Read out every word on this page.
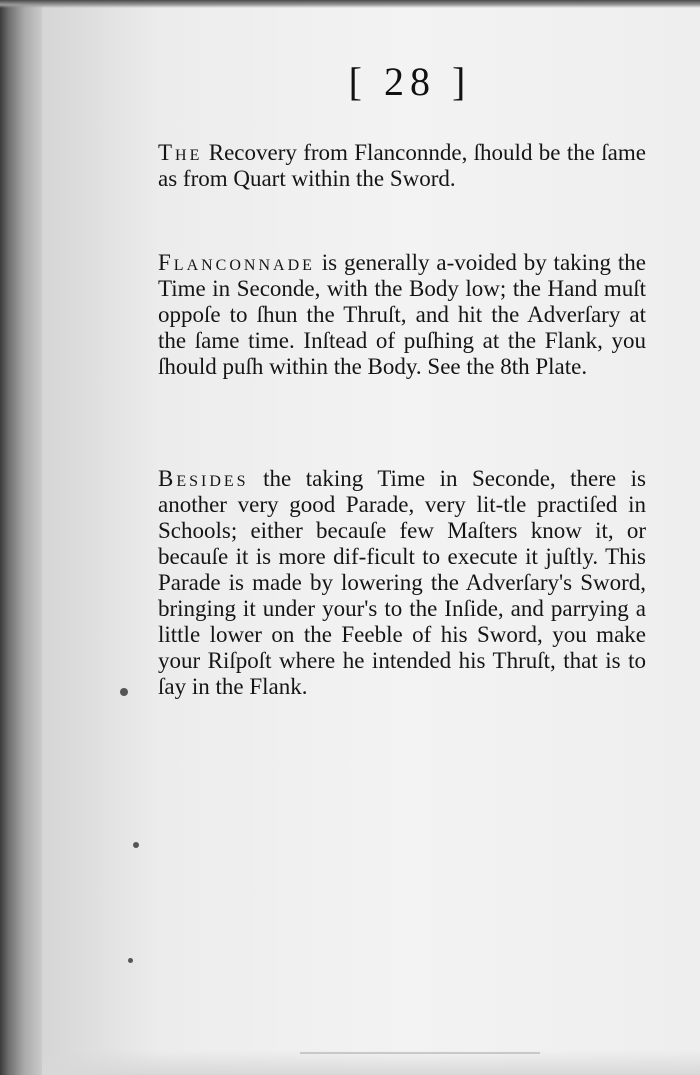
[ 28 ]

The Recovery from Flanconnde, ſhould be the ſame as from Quart within the Sword.

Flanconnade is generally a-voided by taking the Time in Seconde, with the Body low; the Hand muſt oppoſe to ſhun the Thruſt, and hit the Adverſary at the ſame time. Inſtead of puſhing at the Flank, you ſhould puſh within the Body. See the 8th Plate.

Besides the taking Time in Seconde, there is another very good Parade, very lit-tle practiſed in Schools; either becauſe few Maſters know it, or becauſe it is more dif-ficult to execute it juſtly. This Parade is made by lowering the Adverſary's Sword, bringing it under your's to the Inſide, and parrying a little lower on the Feeble of his Sword, you make your Riſpoſt where he intended his Thruſt, that is to ſay in the Flank.
